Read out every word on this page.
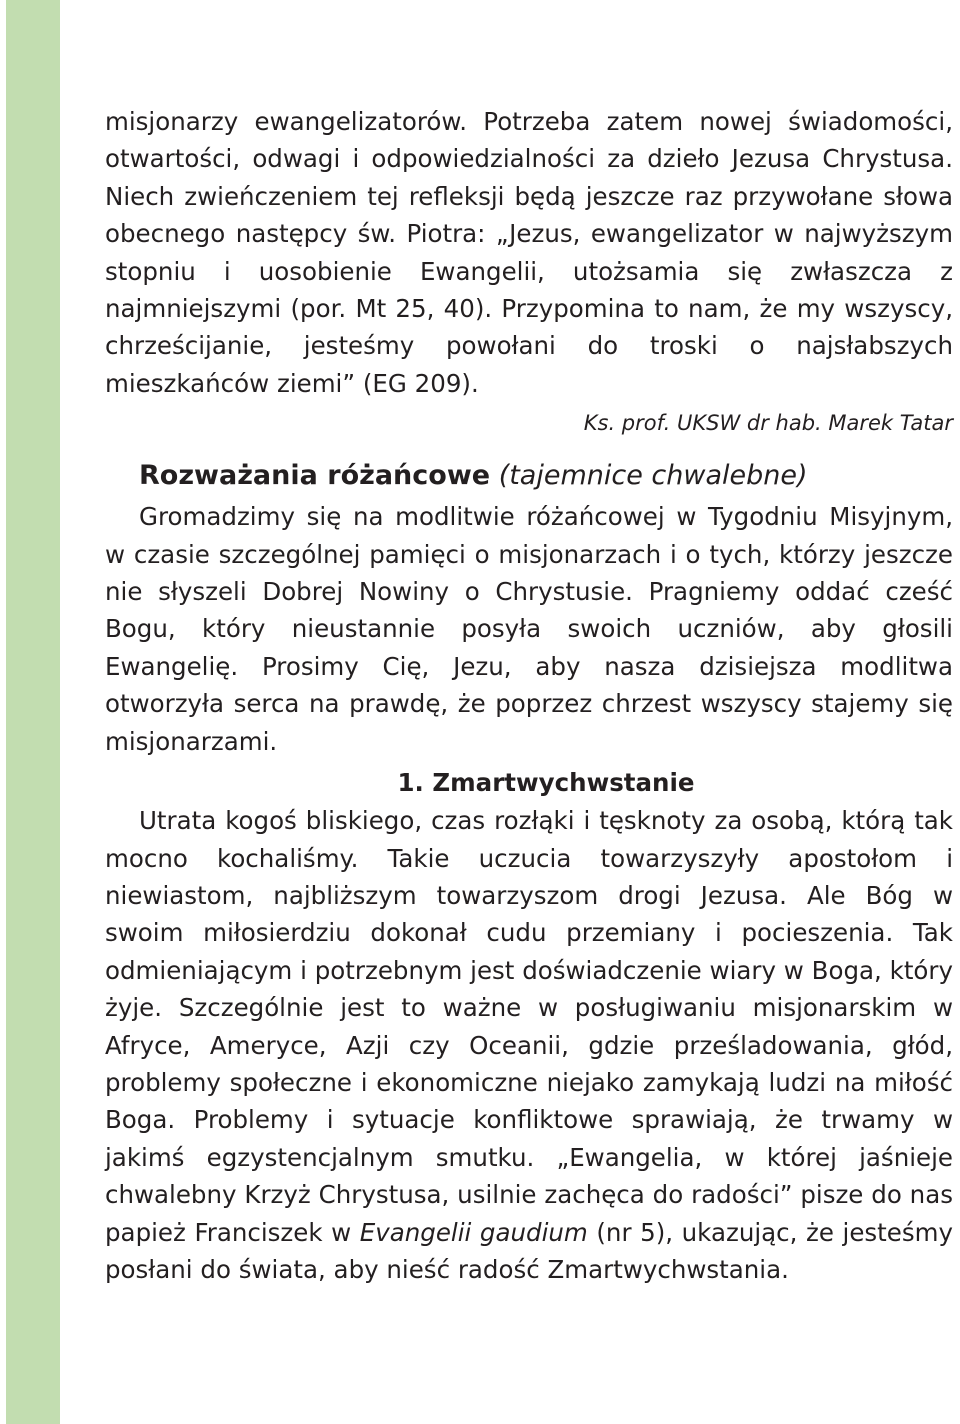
misjonarzy ewangelizatorów. Potrzeba zatem nowej świadomości, otwartości, odwagi i odpowiedzialności za dzieło Jezusa Chrystusa. Niech zwieńczeniem tej refleksji będą jeszcze raz przywołane słowa obecnego następcy św. Piotra: „Jezus, ewangelizator w najwyższym stopniu i uosobienie Ewangelii, utożsamia się zwłaszcza z najmniejszymi (por. Mt 25, 40). Przypomina to nam, że my wszyscy, chrześcijanie, jesteśmy powołani do troski o najsłabszych mieszkańców ziemi” (EG 209).

Ks. prof. UKSW dr hab. Marek Tatar

Rozważania różańcowe (tajemnice chwalebne)

Gromadzimy się na modlitwie różańcowej w Tygodniu Misyjnym, w czasie szczególnej pamięci o misjonarzach i o tych, którzy jeszcze nie słyszeli Dobrej Nowiny o Chrystusie. Pragniemy oddać cześć Bogu, który nieustannie posyła swoich uczniów, aby głosili Ewangelię. Prosimy Cię, Jezu, aby nasza dzisiejsza modlitwa otworzyła serca na prawdę, że poprzez chrzest wszyscy stajemy się misjonarzami.

1. Zmartwychwstanie

Utrata kogoś bliskiego, czas rozłąki i tęsknoty za osobą, którą tak mocno kochaliśmy. Takie uczucia towarzyszyły apostołom i niewiastom, najbliższym towarzyszom drogi Jezusa. Ale Bóg w swoim miłosierdziu dokonał cudu przemiany i pocieszenia. Tak odmieniającym i potrzebnym jest doświadczenie wiary w Boga, który żyje. Szczególnie jest to ważne w posługiwaniu misjonarskim w Afryce, Ameryce, Azji czy Oceanii, gdzie prześladowania, głód, problemy społeczne i ekonomiczne niejako zamykają ludzi na miłość Boga. Problemy i sytuacje konfliktowe sprawiają, że trwamy w jakimś egzystencjalnym smutku. „Ewangelia, w której jaśnieje chwalebny Krzyż Chrystusa, usilnie zachęca do radości” pisze do nas papież Franciszek w Evangelii gaudium (nr 5), ukazując, że jesteśmy posłani do świata, aby nieść radość Zmartwychwstania.
